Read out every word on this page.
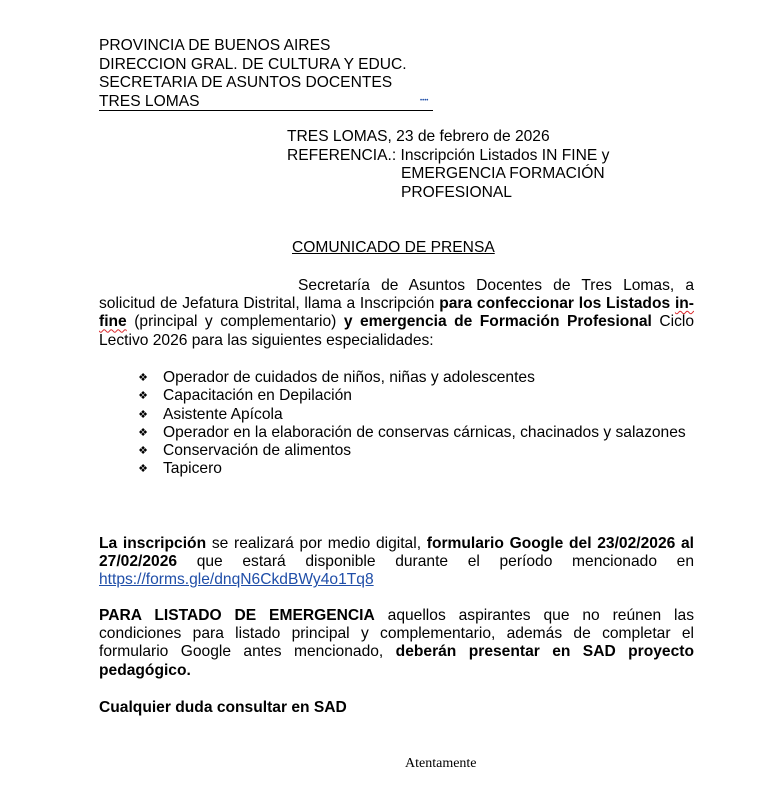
PROVINCIA DE BUENOS AIRES
DIRECCION GRAL. DE CULTURA Y EDUC.
SECRETARIA DE ASUNTOS DOCENTES
TRES LOMAS	••••
TRES LOMAS, 23 de febrero de 2026
REFERENCIA.: Inscripción Listados IN FINE y
EMERGENCIA FORMACIÓN
PROFESIONAL
COMUNICADO DE PRENSA
Secretaría de Asuntos Docentes de Tres Lomas, a solicitud de Jefatura Distrital, llama a Inscripción para confeccionar los Listados in-fine (principal y complementario) y emergencia de Formación Profesional Ciclo Lectivo 2026 para las siguientes especialidades:
❖ Operador de cuidados de niños, niñas y adolescentes
❖ Capacitación en Depilación
❖ Asistente Apícola
❖ Operador en la elaboración de conservas cárnicas, chacinados y salazones
❖ Conservación de alimentos
❖ Tapicero
La inscripción se realizará por medio digital, formulario Google del 23/02/2026 al 27/02/2026 que estará disponible durante el período mencionado en https://forms.gle/dnqN6CkdBWy4o1Tq8
PARA LISTADO DE EMERGENCIA aquellos aspirantes que no reúnen las condiciones para listado principal y complementario, además de completar el formulario Google antes mencionado, deberán presentar en SAD proyecto pedagógico.
Cualquier duda consultar en SAD
Atentamente
